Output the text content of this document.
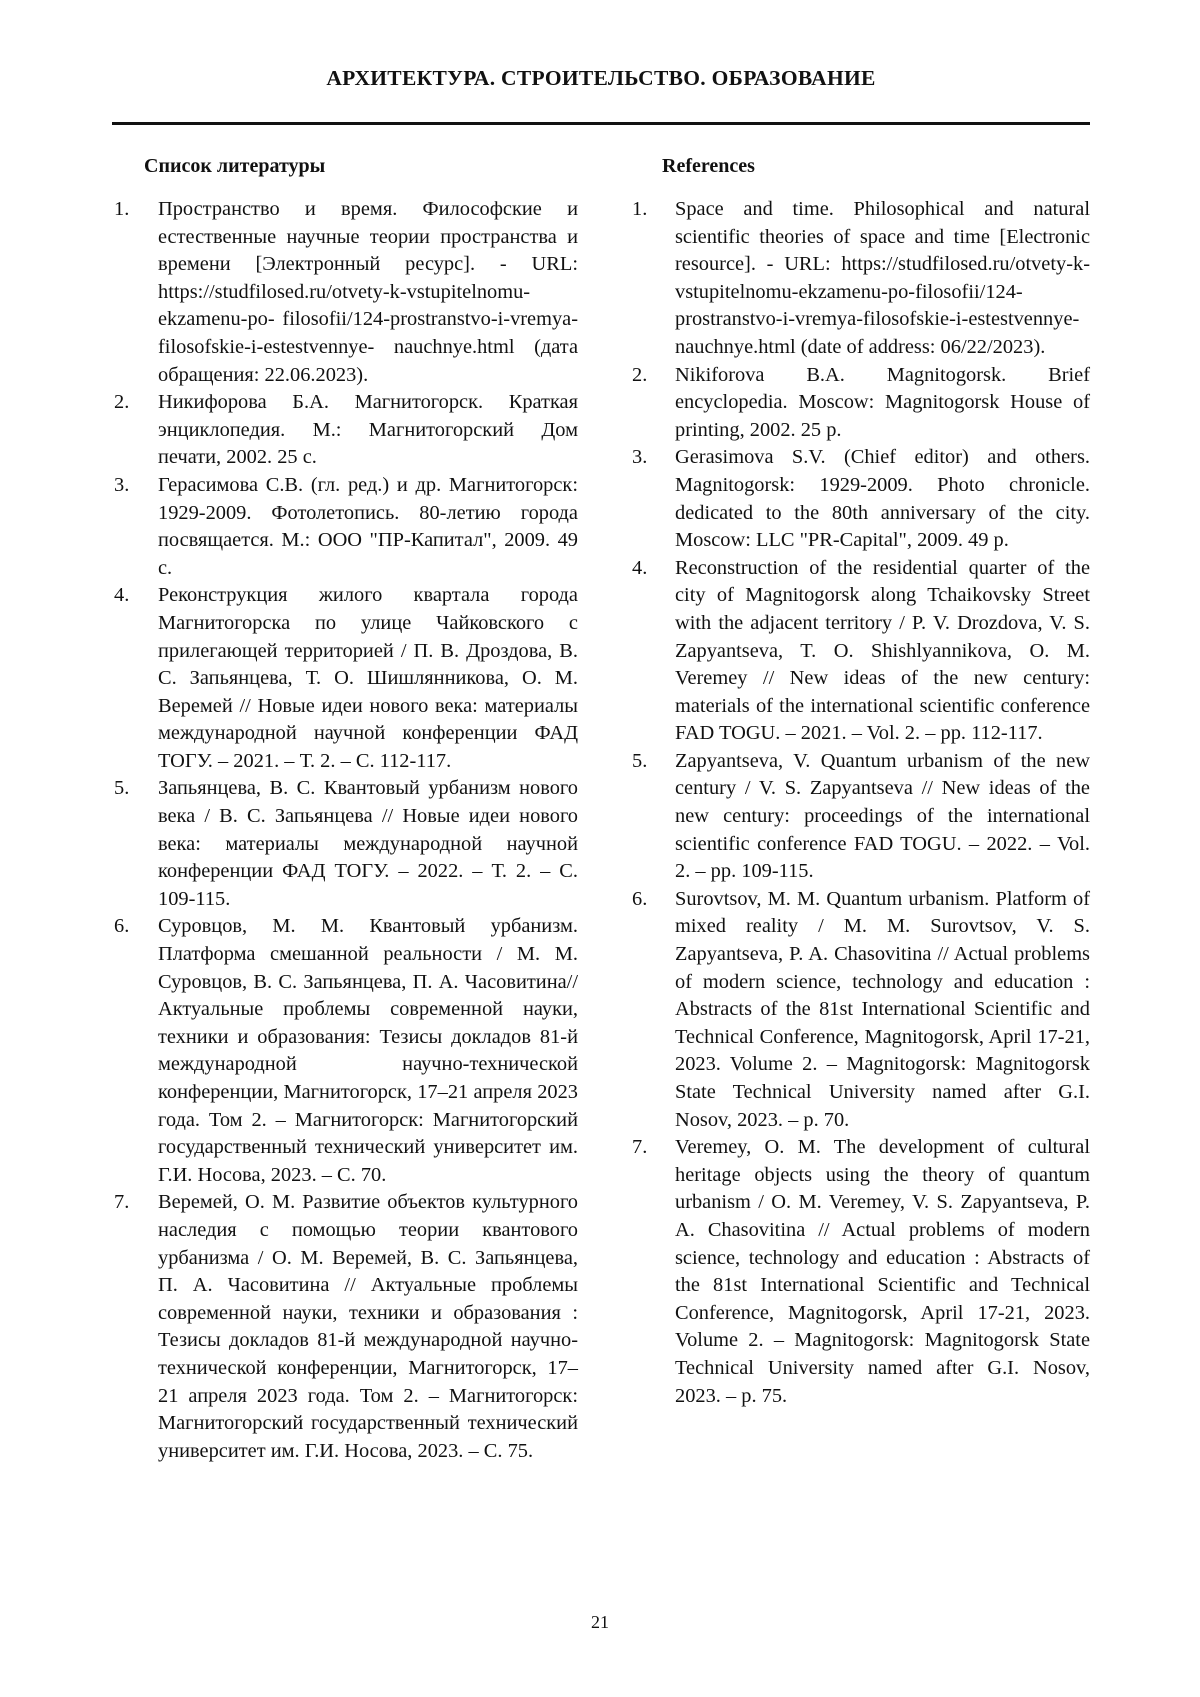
АРХИТЕКТУРА. СТРОИТЕЛЬСТВО. ОБРАЗОВАНИЕ
Список литературы
1. Пространство и время. Философские и естественные научные теории пространства и времени [Электронный ресурс]. - URL: https://studfilosed.ru/otvety-k-vstupitelnomu-ekzamenu-po- filosofii/124-prostranstvo-i-vremya-filosofskie-i-estestvennye- nauchnye.html (дата обращения: 22.06.2023).
2. Никифорова Б.А. Магнитогорск. Краткая энциклопедия. М.: Магнитогорский Дом печати, 2002. 25 с.
3. Герасимова С.В. (гл. ред.) и др. Магнитогорск: 1929-2009. Фотолетопись. 80-летию города посвящается. М.: ООО "ПР-Капитал", 2009. 49 с.
4. Реконструкция жилого квартала города Магнитогорска по улице Чайковского с прилегающей территорией / П. В. Дроздова, В. С. Запьянцева, Т. О. Шишлянникова, О. М. Веремей // Новые идеи нового века: материалы международной научной конференции ФАД ТОГУ. – 2021. – Т. 2. – С. 112-117.
5. Запьянцева, В. С. Квантовый урбанизм нового века / В. С. Запьянцева // Новые идеи нового века: материалы международной научной конференции ФАД ТОГУ. – 2022. – Т. 2. – С. 109-115.
6. Суровцов, М. М. Квантовый урбанизм. Платформа смешанной реальности / М. М. Суровцов, В. С. Запьянцева, П. А. Часовитина// Актуальные проблемы современной науки, техники и образования: Тезисы докладов 81-й международной научно-технической конференции, Магнитогорск, 17–21 апреля 2023 года. Том 2. – Магнитогорск: Магнитогорский государственный технический университет им. Г.И. Носова, 2023. – С. 70.
7. Веремей, О. М. Развитие объектов культурного наследия с помощью теории квантового урбанизма / О. М. Веремей, В. С. Запьянцева, П. А. Часовитина // Актуальные проблемы современной науки, техники и образования : Тезисы докладов 81-й международной научно-технической конференции, Магнитогорск, 17–21 апреля 2023 года. Том 2. – Магнитогорск: Магнитогорский государственный технический университет им. Г.И. Носова, 2023. – С. 75.
References
1. Space and time. Philosophical and natural scientific theories of space and time [Electronic resource]. - URL: https://studfilosed.ru/otvety-k-vstupitelnomu-ekzamenu-po-filosofii/124-prostranstvo-i-vremya-filosofskie-i-estestvennye-nauchnye.html (date of address: 06/22/2023).
2. Nikiforova B.A. Magnitogorsk. Brief encyclopedia. Moscow: Magnitogorsk House of printing, 2002. 25 p.
3. Gerasimova S.V. (Chief editor) and others. Magnitogorsk: 1929-2009. Photo chronicle. dedicated to the 80th anniversary of the city. Moscow: LLC "PR-Capital", 2009. 49 p.
4. Reconstruction of the residential quarter of the city of Magnitogorsk along Tchaikovsky Street with the adjacent territory / P. V. Drozdova, V. S. Zapyantseva, T. O. Shishlyannikova, O. M. Veremey // New ideas of the new century: materials of the international scientific conference FAD TOGU. – 2021. – Vol. 2. – pp. 112-117.
5. Zapyantseva, V. Quantum urbanism of the new century / V. S. Zapyantseva // New ideas of the new century: proceedings of the international scientific conference FAD TOGU. – 2022. – Vol. 2. – pp. 109-115.
6. Surovtsov, M. M. Quantum urbanism. Platform of mixed reality / M. M. Surovtsov, V. S. Zapyantseva, P. A. Chasovitina // Actual problems of modern science, technology and education : Abstracts of the 81st International Scientific and Technical Conference, Magnitogorsk, April 17-21, 2023. Volume 2. – Magnitogorsk: Magnitogorsk State Technical University named after G.I. Nosov, 2023. – p. 70.
7. Veremey, O. M. The development of cultural heritage objects using the theory of quantum urbanism / O. M. Veremey, V. S. Zapyantseva, P. A. Chasovitina // Actual problems of modern science, technology and education : Abstracts of the 81st International Scientific and Technical Conference, Magnitogorsk, April 17-21, 2023. Volume 2. – Magnitogorsk: Magnitogorsk State Technical University named after G.I. Nosov, 2023. – p. 75.
21
